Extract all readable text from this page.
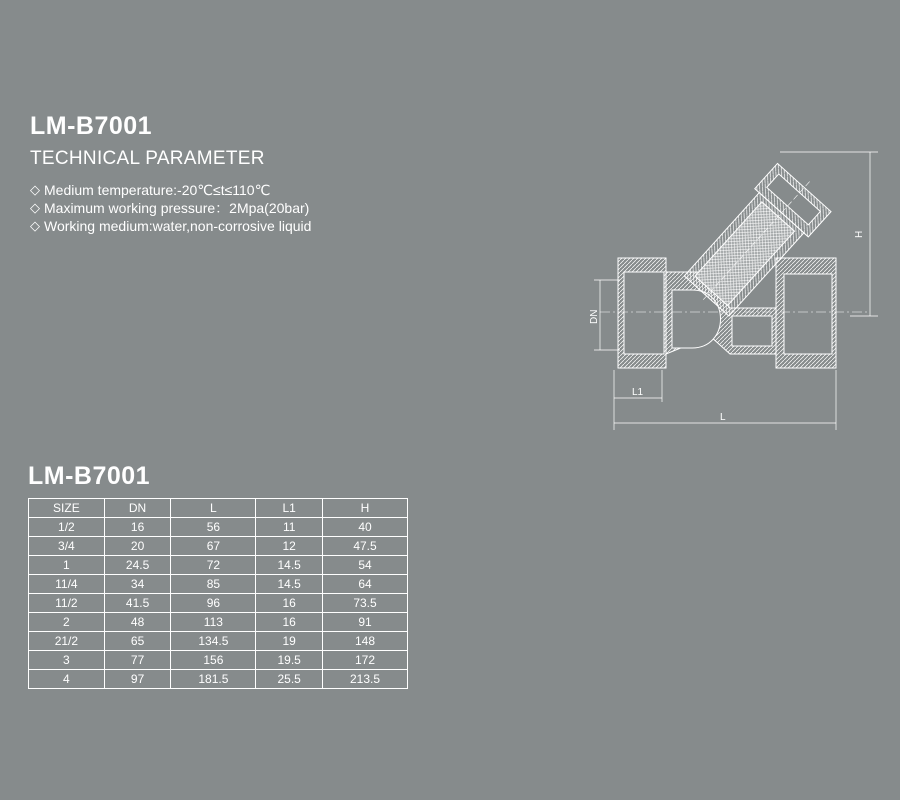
LM-B7001
TECHNICAL PARAMETER
◇ Medium temperature:-20℃≤t≤110℃
◇ Maximum working pressure：2Mpa(20bar)
◇ Working medium:water,non-corrosive liquid
H
DN
L1
L
LM-B7001
SIZE	DN	L	L1	H
1/2	16	56	11	40
3/4	20	67	12	47.5
1	24.5	72	14.5	54
11/4	34	85	14.5	64
11/2	41.5	96	16	73.5
2	48	113	16	91
21/2	65	134.5	19	148
3	77	156	19.5	172
4	97	181.5	25.5	213.5
